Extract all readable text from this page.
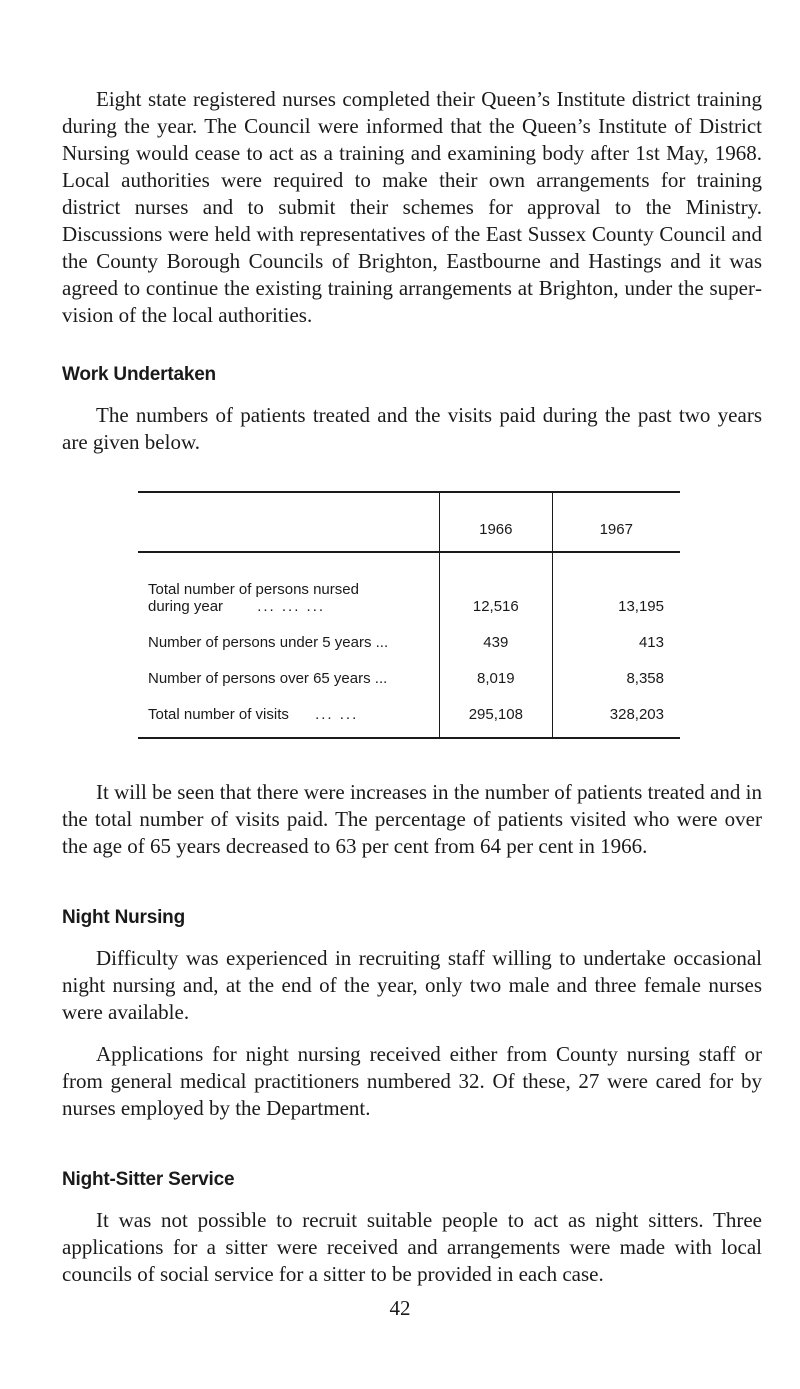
Eight state registered nurses completed their Queen’s Institute district training during the year. The Council were informed that the Queen’s Institute of District Nursing would cease to act as a training and examining body after 1st May, 1968. Local authorities were required to make their own arrangements for training district nurses and to submit their schemes for approval to the Ministry. Discussions were held with representatives of the East Sussex County Council and the County Borough Councils of Brighton, Eastbourne and Hastings and it was agreed to continue the existing training arrangements at Brighton, under the supervision of the local authorities.

Work Undertaken

The numbers of patients treated and the visits paid during the past two years are given below.

	1966	1967

Total number of persons nursed
during year ... ... ...	12,516	13,195
Number of persons under 5 years ...	439	413
Number of persons over 65 years ...	8,019	8,358
Total number of visits ... ...	295,108	328,203

It will be seen that there were increases in the number of patients treated and in the total number of visits paid. The percentage of patients visited who were over the age of 65 years decreased to 63 per cent from 64 per cent in 1966.

Night Nursing

Difficulty was experienced in recruiting staff willing to undertake occasional night nursing and, at the end of the year, only two male and three female nurses were available.

Applications for night nursing received either from County nursing staff or from general medical practitioners numbered 32. Of these, 27 were cared for by nurses employed by the Department.

Night-Sitter Service

It was not possible to recruit suitable people to act as night sitters. Three applications for a sitter were received and arrangements were made with local councils of social service for a sitter to be provided in each case.

42
